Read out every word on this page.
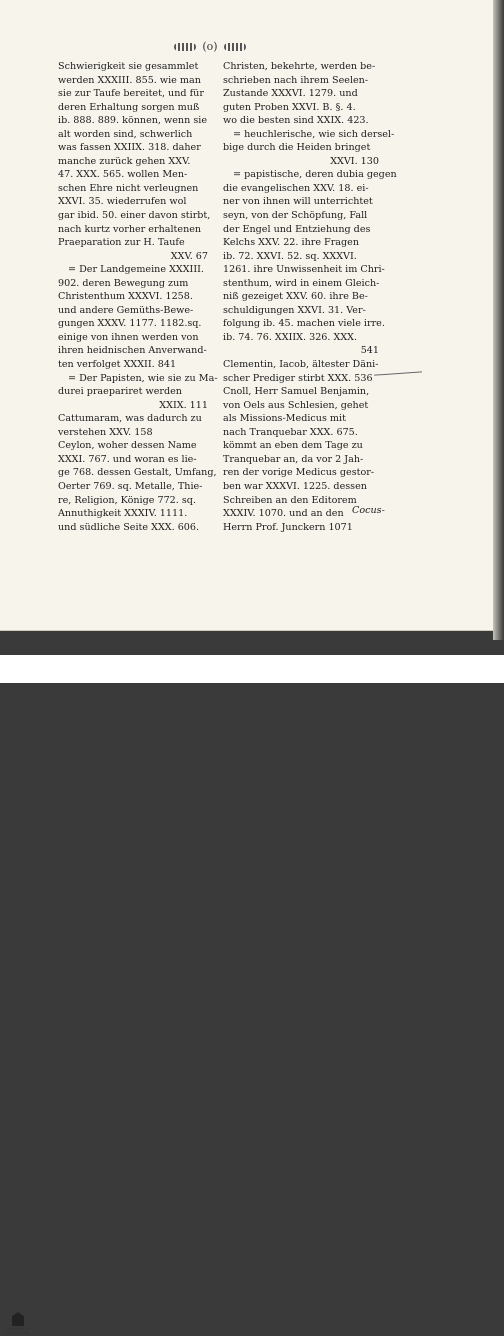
(o)
Schwierigkeit sie gesammlet
werden XXXIII. 855. wie man
sie zur Taufe bereitet, und für
deren Erhaltung sorgen muß
ib. 888. 889. können, wenn sie
alt worden sind, schwerlich
was fassen XXIIX. 318. daher
manche zurück gehen XXV.
47. XXX. 565. wollen Men-
schen Ehre nicht verleugnen
XXVI. 35. wiederrufen wol
gar ibid. 50. einer davon stirbt,
nach kurtz vorher erhaltenen
Praeparation zur H. Taufe
XXV. 67
= Der Landgemeine XXXIII.
902. deren Bewegung zum
Christenthum XXXVI. 1258.
und andere Gemüths-Bewe-
gungen XXXV. 1177. 1182.sq.
einige von ihnen werden von
ihren heidnischen Anverwand-
ten verfolget XXXII. 841
= Der Papisten, wie sie zu Ma-
durei praepariret werden
XXIX. 111
Cattumaram, was dadurch zu
verstehen XXV. 158
Ceylon, woher dessen Name
XXXI. 767. und woran es lie-
ge 768. dessen Gestalt, Umfang,
Oerter 769. sq. Metalle, Thie-
re, Religion, Könige 772. sq.
Annuthigkeit XXXIV. 1111.
und südliche Seite XXX. 606.
Christen, bekehrte, werden be-
schrieben nach ihrem Seelen-
Zustande XXXVI. 1279. und
guten Proben XXVI. B. §. 4.
wo die besten sind XXIX. 423.
= heuchlerische, wie sich dersel-
bige durch die Heiden bringet
XXVI. 130
= papistische, deren dubia gegen
die evangelischen XXV. 18. ei-
ner von ihnen will unterrichtet
seyn, von der Schöpfung, Fall
der Engel und Entziehung des
Kelchs XXV. 22. ihre Fragen
ib. 72. XXVI. 52. sq. XXXVI.
1261. ihre Unwissenheit im Chri-
stenthum, wird in einem Gleich-
niß gezeiget XXV. 60. ihre Be-
schuldigungen XXVI. 31. Ver-
folgung ib. 45. machen viele irre.
ib. 74. 76. XXIIX. 326. XXX.
541
Clementin, Iacob, ältester Däni-
scher Prediger stirbt XXX. 536
Cnoll, Herr Samuel Benjamin,
von Oels aus Schlesien, gehet
als Missions-Medicus mit
nach Tranquebar XXX. 675.
kömmt an eben dem Tage zu
Tranquebar an, da vor 2 Jah-
ren der vorige Medicus gestor-
ben war XXXVI. 1225. dessen
Schreiben an den Editorem
XXXIV. 1070. und an den
Herrn Prof. Junckern 1071
Cocus-
FRANCKESCHE
STIFTUNGEN
